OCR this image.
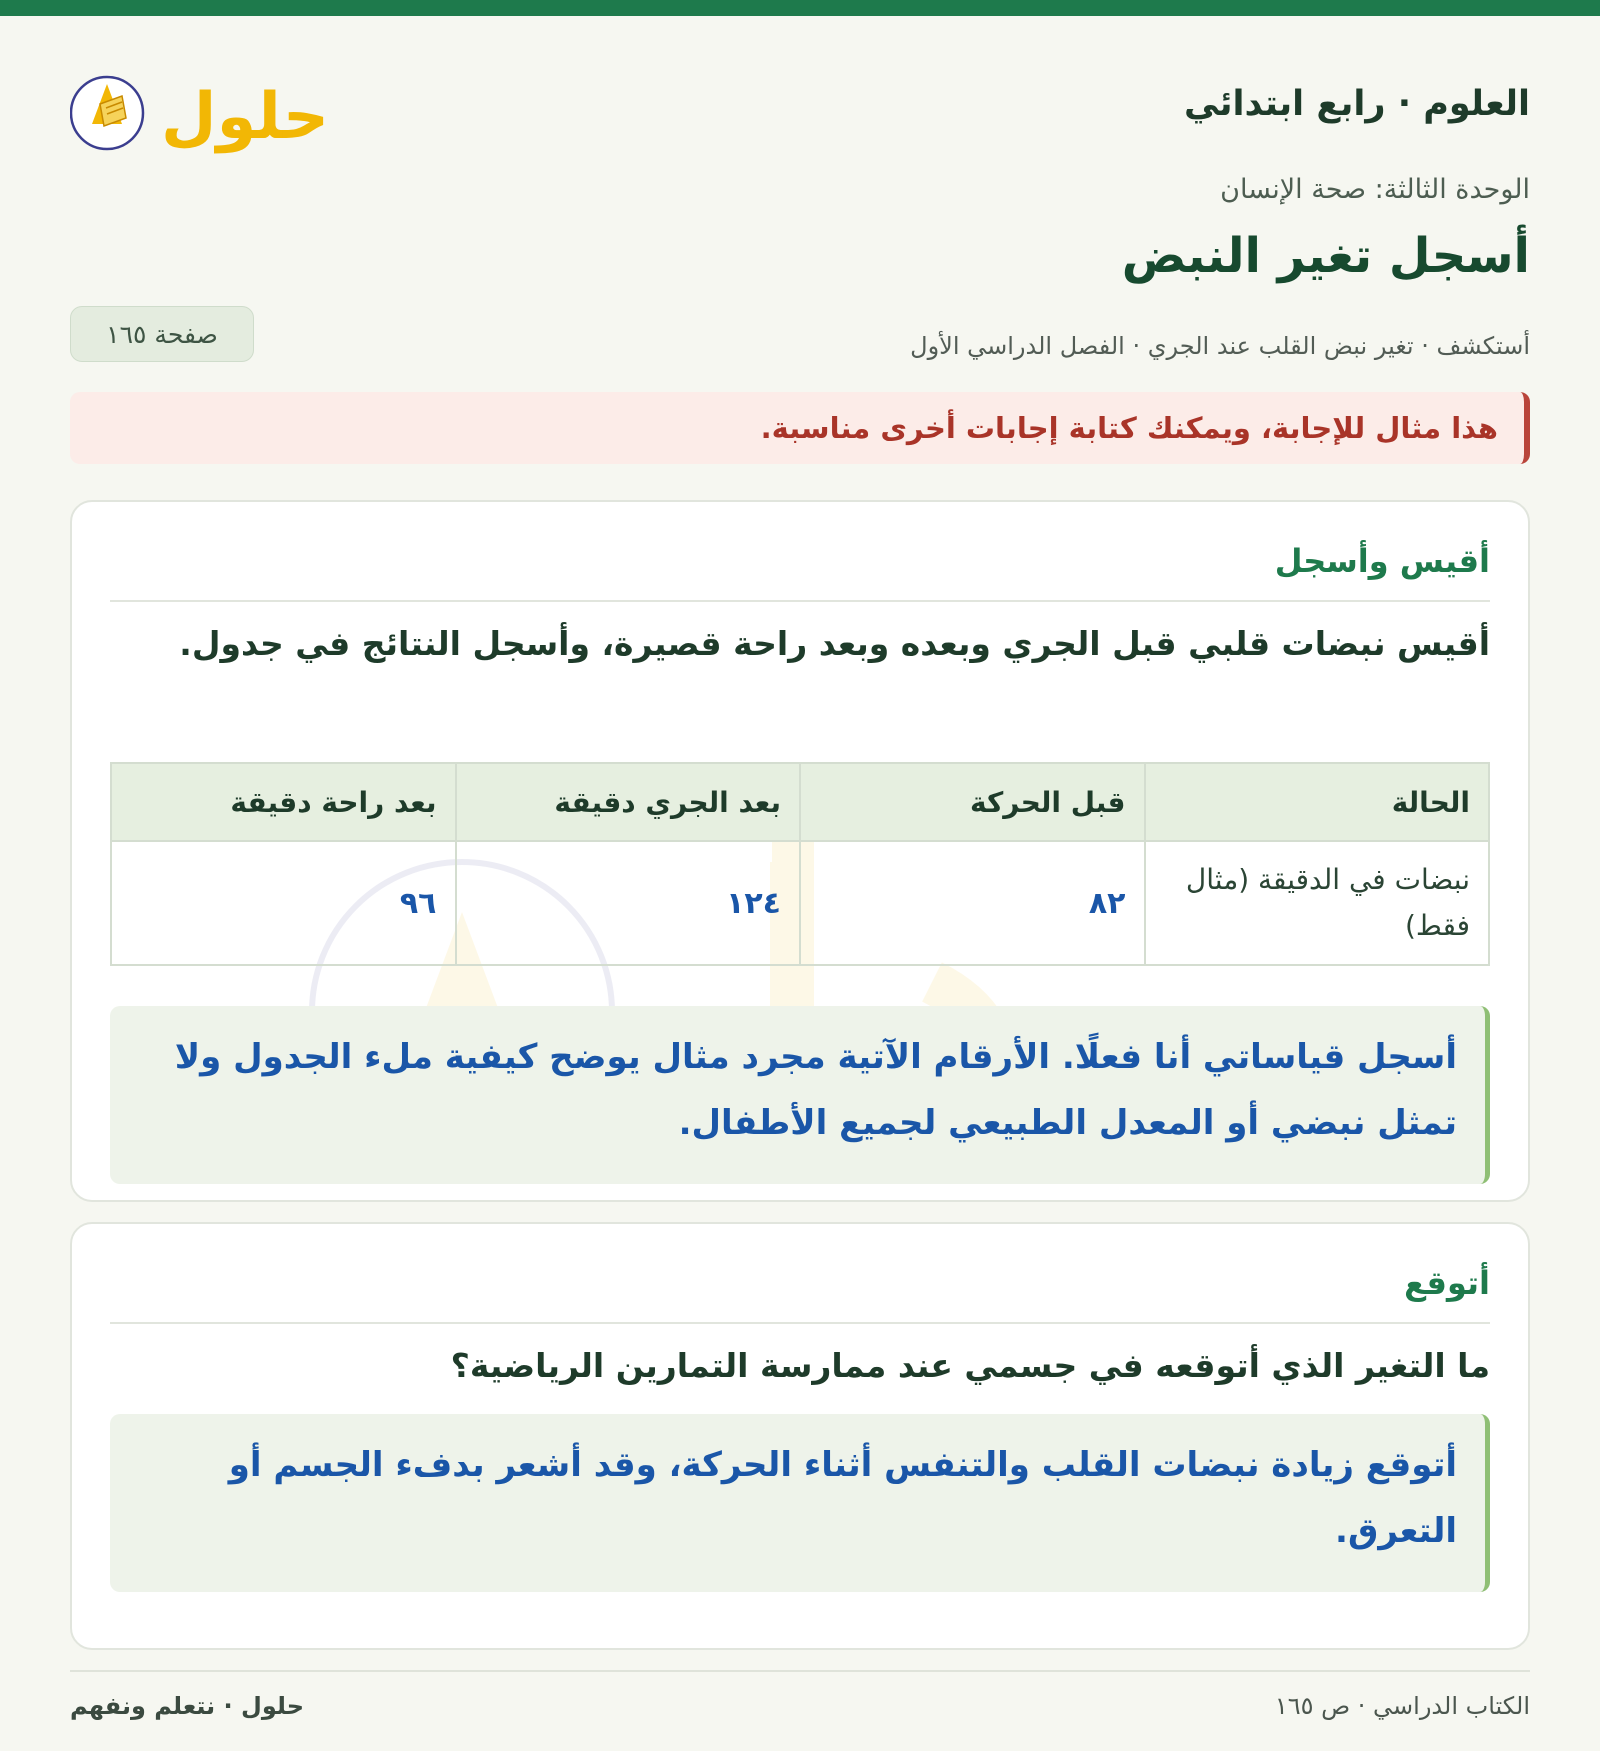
العلوم · رابع ابتدائي
حلول
الوحدة الثالثة: صحة الإنسان
أسجل تغير النبض
أستكشف · تغير نبض القلب عند الجري · الفصل الدراسي الأول
صفحة ١٦٥
هذا مثال للإجابة، ويمكنك كتابة إجابات أخرى مناسبة.
أقيس وأسجل
أقيس نبضات قلبي قبل الجري وبعده وبعد راحة قصيرة، وأسجل النتائج في جدول.
الحالة	قبل الحركة	بعد الجري دقيقة	بعد راحة دقيقة
نبضات في الدقيقة (مثال فقط)	٨٢	١٢٤	٩٦
أسجل قياساتي أنا فعلًا. الأرقام الآتية مجرد مثال يوضح كيفية ملء الجدول ولا تمثل نبضي أو المعدل الطبيعي لجميع الأطفال.
أتوقع
ما التغير الذي أتوقعه في جسمي عند ممارسة التمارين الرياضية؟
أتوقع زيادة نبضات القلب والتنفس أثناء الحركة، وقد أشعر بدفء الجسم أو التعرق.
الكتاب الدراسي · ص ١٦٥
حلول · نتعلم ونفهم
